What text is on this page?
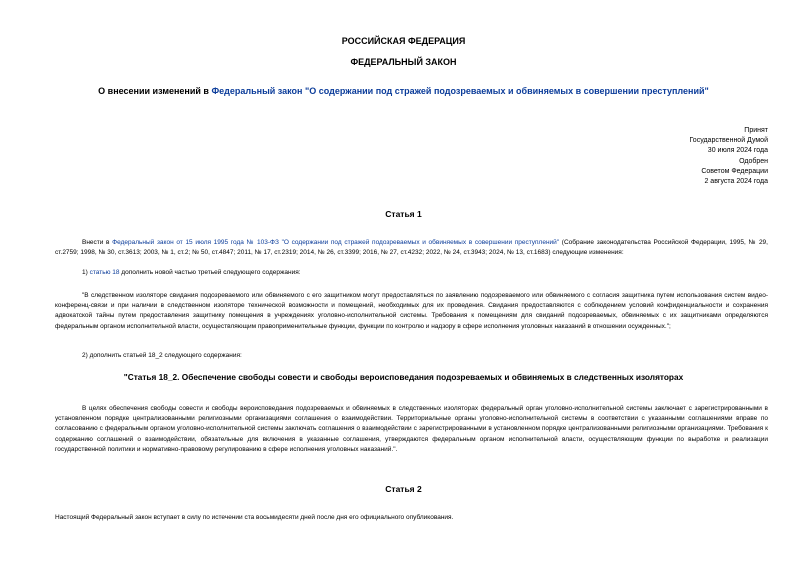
РОССИЙСКАЯ ФЕДЕРАЦИЯ
ФЕДЕРАЛЬНЫЙ ЗАКОН
О внесении изменений в Федеральный закон "О содержании под стражей подозреваемых и обвиняемых в совершении преступлений"
Принят
Государственной Думой
30 июля 2024 года
Одобрен
Советом Федерации
2 августа 2024 года
Статья 1
Внести в Федеральный закон от 15 июля 1995 года № 103-ФЗ "О содержании под стражей подозреваемых и обвиняемых в совершении преступлений" (Собрание законодательства Российской Федерации, 1995, № 29, ст.2759; 1998, № 30, ст.3613; 2003, № 1, ст.2; № 50, ст.4847; 2011, № 17, ст.2319; 2014, № 26, ст.3399; 2016, № 27, ст.4232; 2022, № 24, ст.3943; 2024, № 13, ст.1683) следующие изменения:
1) статью 18 дополнить новой частью третьей следующего содержания:
"В следственном изоляторе свидания подозреваемого или обвиняемого с его защитником могут предоставляться по заявлению подозреваемого или обвиняемого с согласия защитника путем использования систем видео-конференц-связи и при наличии в следственном изоляторе технической возможности и помещений, необходимых для их проведения. Свидания предоставляются с соблюдением условий конфиденциальности и сохранения адвокатской тайны путем предоставления защитнику помещения в учреждениях уголовно-исполнительной системы. Требования к помещениям для свиданий подозреваемых, обвиняемых с их защитниками определяются федеральным органом исполнительной власти, осуществляющим правоприменительные функции, функции по контролю и надзору в сфере исполнения уголовных наказаний в отношении осужденных.";
2) дополнить статьей 18_2 следующего содержания:
"Статья 18_2. Обеспечение свободы совести и свободы вероисповедания подозреваемых и обвиняемых в следственных изоляторах
В целях обеспечения свободы совести и свободы вероисповедания подозреваемых и обвиняемых в следственных изоляторах федеральный орган уголовно-исполнительной системы заключает с зарегистрированными в установленном порядке централизованными религиозными организациями соглашения о взаимодействии. Территориальные органы уголовно-исполнительной системы в соответствии с указанными соглашениями вправе по согласованию с федеральным органом уголовно-исполнительной системы заключать соглашения о взаимодействии с зарегистрированными в установленном порядке централизованными религиозными организациями. Требования к содержанию соглашений о взаимодействии, обязательные для включения в указанные соглашения, утверждаются федеральным органом исполнительной власти, осуществляющим функции по выработке и реализации государственной политики и нормативно-правовому регулированию в сфере исполнения уголовных наказаний.".
Статья 2
Настоящий Федеральный закон вступает в силу по истечении ста восьмидесяти дней после дня его официального опубликования.
